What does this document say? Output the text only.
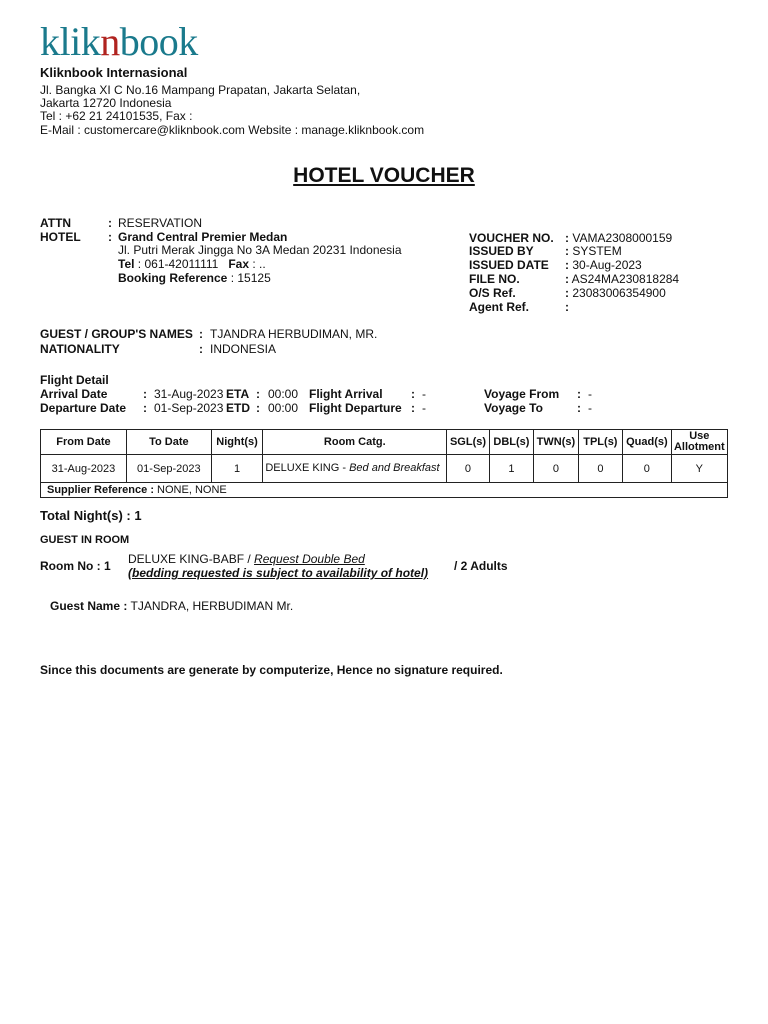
kliknbook
Kliknbook Internasional
Jl. Bangka XI C No.16 Mampang Prapatan, Jakarta Selatan,
Jakarta 12720 Indonesia
Tel : +62 21 24101535, Fax :
E-Mail : customercare@kliknbook.com Website : manage.kliknbook.com
HOTEL VOUCHER
ATTN	: RESERVATION
HOTEL : Grand Central Premier Medan
Jl. Putri Merak Jingga No 3A Medan 20231 Indonesia
Tel : 061-42011111 Fax : ..
Booking Reference : 15125
VOUCHER NO. : VAMA2308000159
ISSUED BY	: SYSTEM
ISSUED DATE : 30-Aug-2023
FILE NO.	: AS24MA230818284
O/S Ref.	: 23083006354900
Agent Ref.	:
GUEST / GROUP'S NAMES : TJANDRA HERBUDIMAN, MR.
NATIONALITY	: INDONESIA
Flight Detail
Arrival Date	: 31-Aug-2023 ETA : 00:00 Flight Arrival : -	Voyage From : -
Departure Date : 01-Sep-2023 ETD : 00:00 Flight Departure : -	Voyage To	: -
From Date	To Date	Night(s)	Room Catg.	SGL(s)	DBL(s)	TWN(s)	TPL(s)	Quad(s)	Use
Allotment
31-Aug-2023	01-Sep-2023	1	DELUXE KING - Bed and Breakfast	0	1	0	0	0	Y
Supplier Reference : NONE, NONE									
Total Night(s) : 1
GUEST IN ROOM
Room No : 1 DELUXE KING-BABF / Request Double Bed
(bedding requested is subject to availability of hotel) / 2 Adults
Guest Name : TJANDRA, HERBUDIMAN Mr.
Since this documents are generate by computerize, Hence no signature required.
